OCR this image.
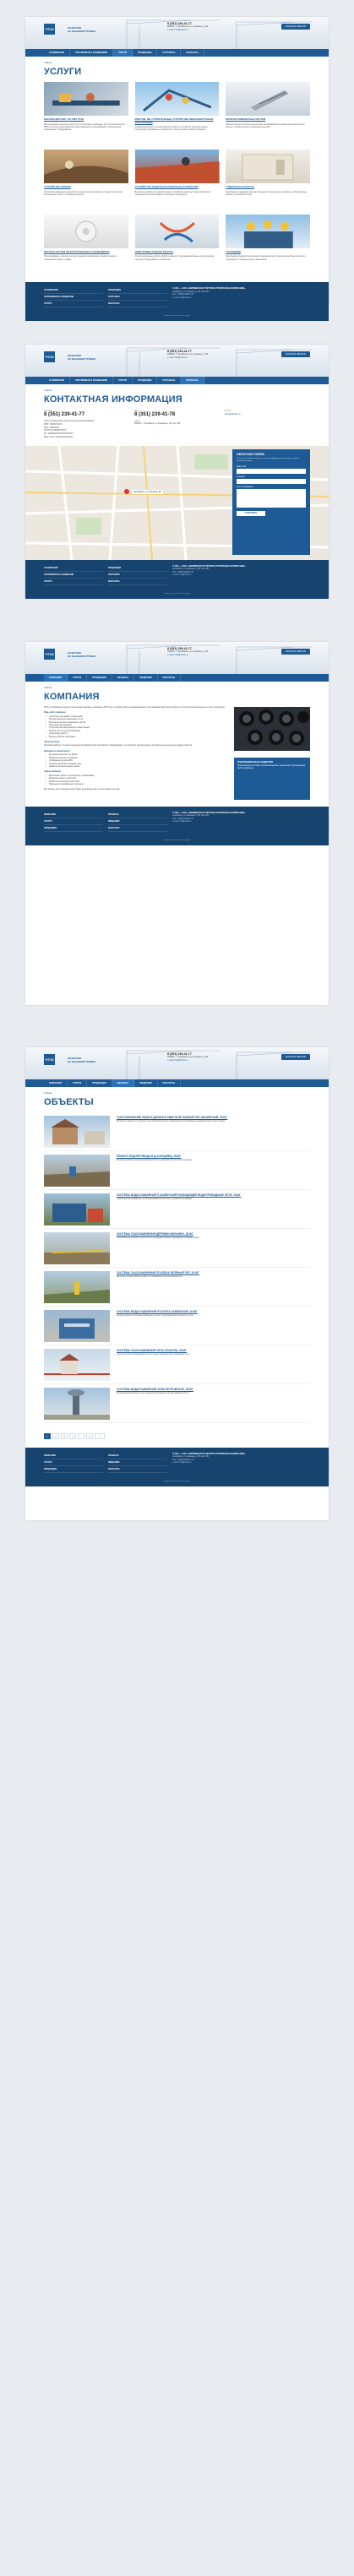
ЧТСК	КАЧЕСТВО
НА ВЫСШЕМ УРОВНЕ
8 (351) 239-41-77
454091, г. Челябинск, ул. Елькина, д. 59
e-mail: info@chtsk.ru
ЗАКАЗАТЬ ЗВОНОК
О КОМПАНИИ	СЕРТИФИКАТЫ И ЛИЦЕНЗИИ	УСЛУГИ	ПРОДУКЦИЯ	ПАРТНЕРЫ	КОНТАКТЫ
Главная
УСЛУГИ
МОНТАЖ ДЛЯ СИП, ПЭ, ПВХ ТРУБ
Мы предлагаем широкий спектр услуг по монтажу и прокладке труб из полиэтилена и ПВХ для систем водоснабжения, водоотведения и газоснабжения с применением современного оборудования.
МОНТАЖ, ВВ, СТРОИТЕЛЬНЫЕ УСТРОЙСТВО ЖЕЛЕЗОБЕТОННЫХ КОНСТРУКЦИЙ
Компания выполняет полный комплекс работ по устройству железобетонных конструкций: фундаменты, перекрытия, стены и колонны любой сложности.
МОНТАЖ ИНЖЕНЕРНЫХ СИСТЕМ
Монтаж систем отопления, вентиляции, водоснабжения и канализации на объектах жилого и промышленного назначения под ключ.
УСТРОЙСТВО КРОВЛИ
Устройство кровельных покрытий из современных материалов. Гарантия качества выполненных работ и соблюдение сроков.
УСТРОЙСТВО ЗАЩИТНЫХ КРОВЕЛЬНЫХ ПОКРЫТИЙ
Выполняем работы по гидроизоляции и устройству защитных покрытий кровли с применением наплавляемых и мастичных материалов.
ОТДЕЛОЧНЫЕ РАБОТЫ
Внутренняя и наружная отделка помещений: штукатурные, малярные, облицовочные работы и устройство полов.
МОНТАЖ СИСТЕМ ПОЖАРОТУШЕНИЯ И ОПОВЕЩЕНИЯ
Проектирование и монтаж систем пожарной сигнализации, пожаротушения и оповещения людей о пожаре.
ЭЛЕКТРОМОНТАЖНЫЕ РАБОТЫ
Электромонтажные работы любой сложности: прокладка кабельных линий, монтаж щитового оборудования и освещения.
ГЕНПОДРЯД
Выполнение функций генерального подрядчика при строительстве объектов жилого, социального и промышленного назначения.
О КОМПАНИИ
СЕРТИФИКАТЫ И ЛИЦЕНЗИИ
УСЛУГИ
ПРОДУКЦИЯ
ПАРТНЕРЫ
КОНТАКТЫ
© 2015 — ООО «ЧЕЛЯБИНСКАЯ ТОРГОВО-СТРОИТЕЛЬНАЯ КОМПАНИЯ»
Челябинск, ул. Елькина, д. 59, оф. 405
Тел.: 8 (351) 239-41-77
e-mail: info@chtsk.ru
Разработка сайта: веб-студия
ЧТСК	КАЧЕСТВО
НА ВЫСШЕМ УРОВНЕ
8 (351) 239-41-77
454091, г. Челябинск, ул. Елькина, д. 59
e-mail: info@chtsk.ru
ЗАКАЗАТЬ ЗВОНОК
О КОМПАНИИ	СЕРТИФИКАТЫ И ЛИЦЕНЗИИ	УСЛУГИ	ПРОДУКЦИЯ	ПАРТНЕРЫ	КОНТАКТЫ
Главная
КОНТАКТНАЯ ИНФОРМАЦИЯ
Телефон:
8 (351) 239-41-77
Факс:
8 (351) 239-41-78
E-mail:
info@chtsk.ru
ООО «Челябинская торгово-строительная компания»
ИНН: 7453XXXXXX
КПП: 745301001
ОГРН: 11374530XXXXX
Р/с: 40702810XXXXXXXXXXXX
Банк: ПАО «Челябинвестбанк»
Адрес:
454091, г. Челябинск, ул. Елькина, д. 59, оф. 405
Челябинск, ул. Елькина, 59
ОБРАТНАЯ СВЯЗЬ
Если у вас возникли вопросы, заполните форму и мы свяжемся с вами в ближайшее время.
Ваше имя
Телефон
Текст сообщения
ОТПРАВИТЬ
О КОМПАНИИ
СЕРТИФИКАТЫ И ЛИЦЕНЗИИ
УСЛУГИ
ПРОДУКЦИЯ
ПАРТНЕРЫ
КОНТАКТЫ
© 2015 — ООО «ЧЕЛЯБИНСКАЯ ТОРГОВО-СТРОИТЕЛЬНАЯ КОМПАНИЯ»
Челябинск, ул. Елькина, д. 59, оф. 405
Тел.: 8 (351) 239-41-77
e-mail: info@chtsk.ru
Разработка сайта: веб-студия
ЧТСК	КАЧЕСТВО
НА ВЫСШЕМ УРОВНЕ
8 (351) 239-41-77
454091, г. Челябинск, ул. Елькина, д. 59
e-mail: info@chtsk.ru
ЗАКАЗАТЬ ЗВОНОК
КОМПАНИЯ	УСЛУГИ	ПРОДУКЦИЯ	ОБЪЕКТЫ	ЛИЦЕНЗИИ	КОНТАКТЫ
Главная
КОМПАНИЯ

ООО «Челябинская торгово-строительная компания» основана в 2007 году и за время работы зарекомендовала себя надежным партнером в области строительства инженерных сетей и сооружений.

Виды работ компании:
• Строительство зданий и сооружений
• Монтаж наружных инженерных сетей
• Монтаж внутренних инженерных систем
• Прокладка газопроводов
• Строительство водопроводов и канализации
• Монтаж систем электроснабжения
• Отделочные работы
• Благоустройство территорий
Наши партнеры:

Компания работает со всеми ведущими производителями материалов и оборудования, что позволяет нам предлагать оптимальные решения для каждого объекта.

Принципы в нашей работе:
• Мы ценим клиентов и их время
• Профессионализм сотрудников
• Соблюдение сроков работ
• Контроль качества на каждом этапе
• Гарантия на выполненные работы
Задачи компании:
• Выполнение работ в соответствии с нормативами
• Внедрение новых технологий
• Развитие производственной базы
• Повышение квалификации персонала

Мы открыты для сотрудничества и будем рады видеть вас в числе наших клиентов.

ИЗОЛЯЦИОННЫЕ ИЗДЕЛИЯ
Производство и поставка теплоизоляционных изделий для трубопроводов любого диаметра.
КОМПАНИЯ
УСЛУГИ
ПРОДУКЦИЯ
ОБЪЕКТЫ
ЛИЦЕНЗИИ
КОНТАКТЫ
© 2015 — ООО «ЧЕЛЯБИНСКАЯ ТОРГОВО-СТРОИТЕЛЬНАЯ КОМПАНИЯ»
Челябинск, ул. Елькина, д. 59, оф. 405
Тел.: 8 (351) 239-41-77
e-mail: info@chtsk.ru
Разработка сайта: веб-студия
ЧТСК	КАЧЕСТВО
НА ВЫСШЕМ УРОВНЕ
8 (351) 239-41-77
454091, г. Челябинск, ул. Елькина, д. 59
e-mail: info@chtsk.ru
ЗАКАЗАТЬ ЗВОНОК
КОМПАНИЯ	УСЛУГИ	ПРОДУКЦИЯ	ОБЪЕКТЫ	ЛИЦЕНЗИИ	КОНТАКТЫ
Главная
ОБЪЕКТЫ
ГАЗОСНАБЖЕНИЕ ЖИЛЫХ ДОМОВ В КВАРТАЛЕ ЮЖНЫЙ ПОС.ВАСЮРНЫЙ, 2016Г.
Выполнены работы по строительству газопровода низкого давления для газоснабжения индивидуальных жилых домов.
РЕМОНТ ВОДОПРОВОДА В Д.ХОЛОДНЕЦ, 2016Г.
Выполнен ремонт участка водопроводной сети с заменой труб на полиэтиленовые.
СИСТЕМА ВОДОСНАБЖЕНИЯ П.КАМЕНСКИЙ РАЗВОДЯЩЕЕ ВОДОПРОВОДНЫЕ СЕТИ, 2016Г.
Строительство разводящих сетей водоснабжения поселка с устройством колодцев.
СИСТЕМА ГАЗОСНАБЖЕНИЯ ДЕРЕВНИ МАРЬИНО, 2016Г.
Газоснабжение деревни: строительство распределительного газопровода и вводов в дома.
СИСТЕМА ГАЗОСНАБЖЕНИЯ ПОСЕЛКА ЗЕЛЕНЫЙ ЛОГ, 2016Г.
Выполнен полный комплекс работ по газификации поселка Зеленый Лог.
СИСТЕМА ВОДОСНАБЖЕНИЯ ПОСЕЛКА КАМЕНСКИЙ, 2016Г.
Реконструкция системы водоснабжения поселка с прокладкой магистральных сетей.
СИСТЕМА ГАЗОСНАБЖЕНИЯ СЕЛА АЛАКУЛЬ, 2016Г.
Строительство газопровода высокого и низкого давления для газификации села.
СИСТЕМА ВОДОСНАБЖЕНИЯ СЕЛА ПЕТРОВСКОЕ, 2016Г.
Монтаж водопроводных сетей и водонапорной башни для водоснабжения села.
1	2	3	4	...	6	»
КОМПАНИЯ
УСЛУГИ
ПРОДУКЦИЯ
ОБЪЕКТЫ
ЛИЦЕНЗИИ
КОНТАКТЫ
© 2015 — ООО «ЧЕЛЯБИНСКАЯ ТОРГОВО-СТРОИТЕЛЬНАЯ КОМПАНИЯ»
Челябинск, ул. Елькина, д. 59, оф. 405
Тел.: 8 (351) 239-41-77
e-mail: info@chtsk.ru
Разработка сайта: веб-студия
